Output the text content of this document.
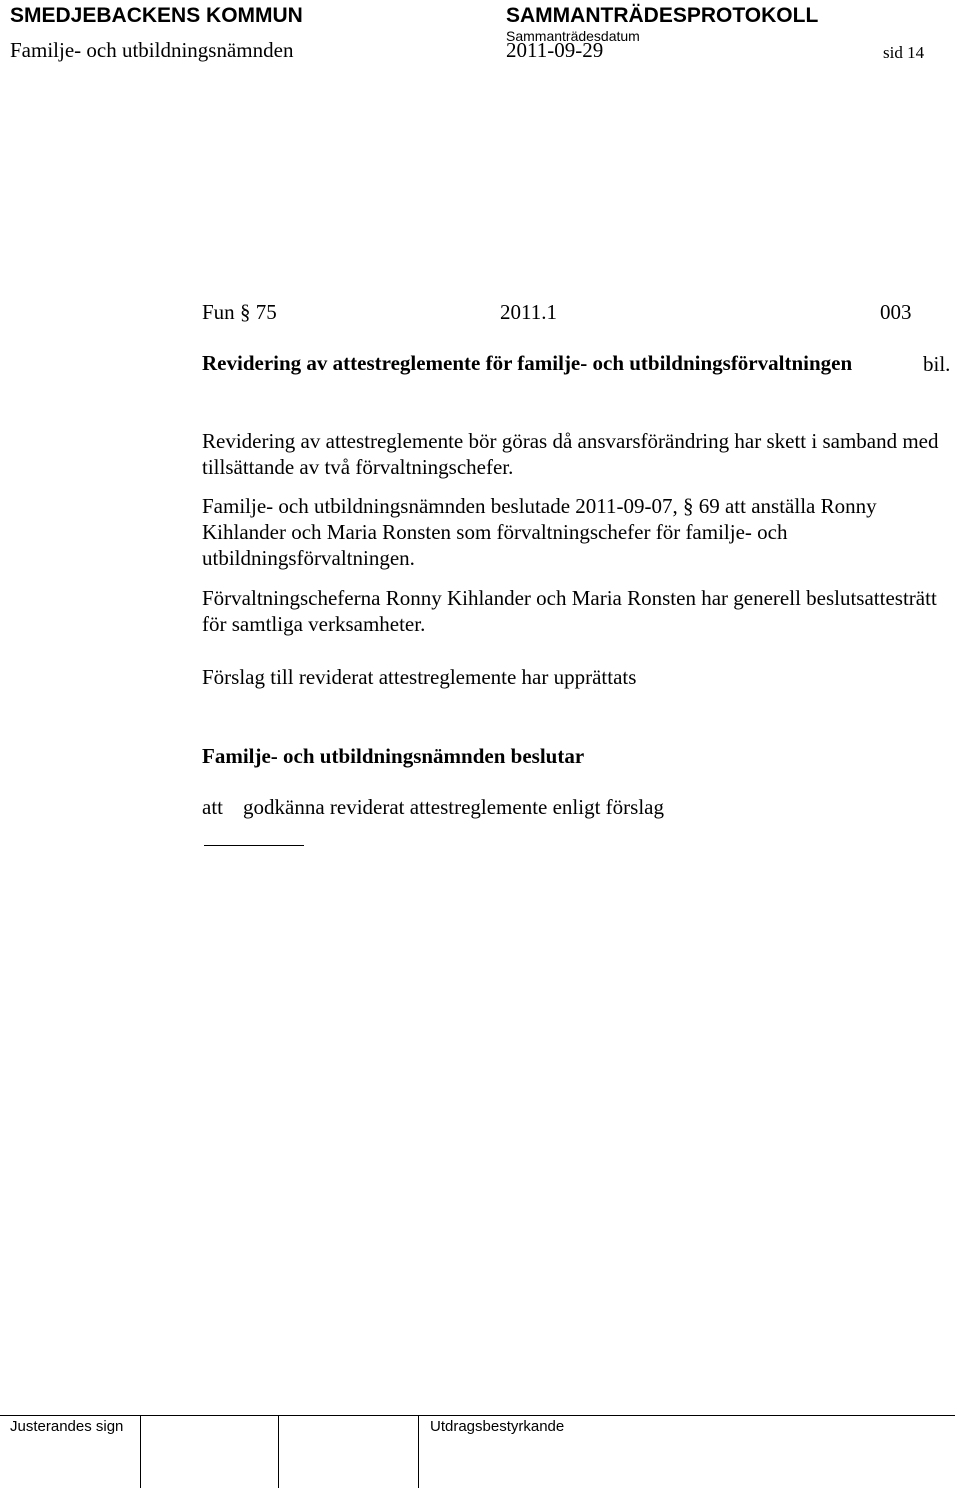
SMEDJEBACKENS KOMMUN	SAMMANTRÄDESPROTOKOLL
Sammanträdesdatum
Familje- och utbildningsnämnden	2011-09-29	sid 14
Fun § 75	2011.1	003
Revidering av attestreglemente för familje- och utbildningsförvaltningen	bil.
Revidering av attestreglemente bör göras då ansvarsförändring har skett i samband med tillsättande av två förvaltningschefer.
Familje- och utbildningsnämnden beslutade 2011-09-07, § 69 att anställa Ronny Kihlander och Maria Ronsten som förvaltningschefer för familje- och utbildningsförvaltningen.
Förvaltningscheferna Ronny Kihlander och Maria Ronsten har generell beslutsattesträtt för samtliga verksamheter.
Förslag till reviderat attestreglemente har upprättats
Familje- och utbildningsnämnden beslutar
att godkänna reviderat attestreglemente enligt förslag
Justerandes sign	Utdragsbestyrkande
